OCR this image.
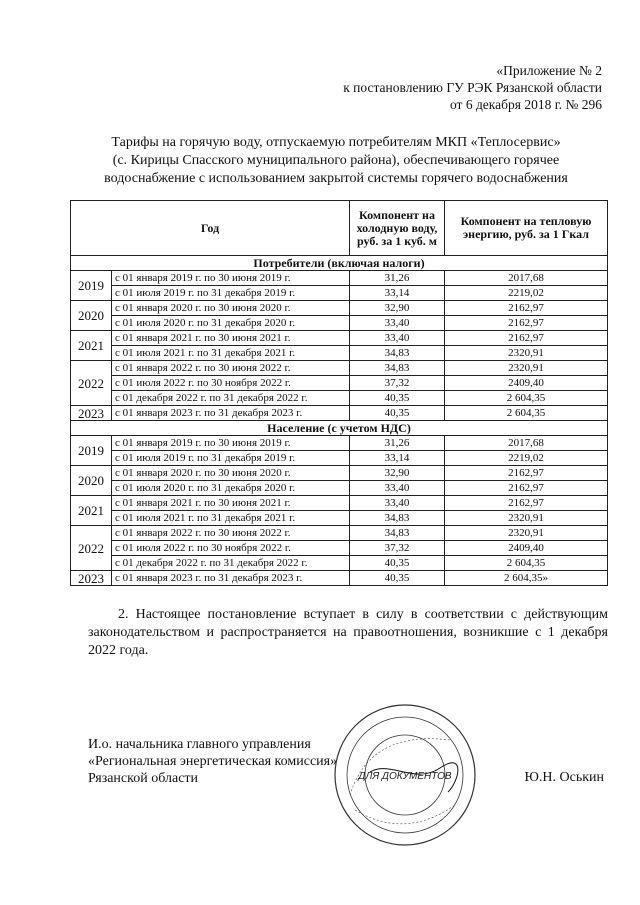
«Приложение № 2
к постановлению ГУ РЭК Рязанской области
от 6 декабря 2018 г. № 296
Тарифы на горячую воду, отпускаемую потребителям МКП «Теплосервис»
(с. Кирицы Спасского муниципального района), обеспечивающего горячее
водоснабжение с использованием закрытой системы горячего водоснабжения
Год		Компонент на холодную воду, руб. за 1 куб. м	Компонент на тепловую энергию, руб. за 1 Гкал
Потребители (включая налоги)			
2019	с 01 января 2019 г. по 30 июня 2019 г.	31,26	2017,68
	с 01 июля 2019 г. по 31 декабря 2019 г.	33,14	2219,02
2020	с 01 января 2020 г. по 30 июня 2020 г.	32,90	2162,97
	с 01 июля 2020 г. по 31 декабря 2020 г.	33,40	2162,97
2021	с 01 января 2021 г. по 30 июня 2021 г.	33,40	2162,97
	с 01 июля 2021 г. по 31 декабря 2021 г.	34,83	2320,91
2022	с 01 января 2022 г. по 30 июня 2022 г.	34,83	2320,91
	с 01 июля 2022 г. по 30 ноября 2022 г.	37,32	2409,40
	с 01 декабря 2022 г. по 31 декабря 2022 г.	40,35	2 604,35
2023	с 01 января 2023 г. по 31 декабря 2023 г.	40,35	2 604,35
Население (с учетом НДС)			
2019	с 01 января 2019 г. по 30 июня 2019 г.	31,26	2017,68
	с 01 июля 2019 г. по 31 декабря 2019 г.	33,14	2219,02
2020	с 01 января 2020 г. по 30 июня 2020 г.	32,90	2162,97
	с 01 июля 2020 г. по 31 декабря 2020 г.	33,40	2162,97
2021	с 01 января 2021 г. по 30 июня 2021 г.	33,40	2162,97
	с 01 июля 2021 г. по 31 декабря 2021 г.	34,83	2320,91
2022	с 01 января 2022 г. по 30 июня 2022 г.	34,83	2320,91
	с 01 июля 2022 г. по 30 ноября 2022 г.	37,32	2409,40
	с 01 декабря 2022 г. по 31 декабря 2022 г.	40,35	2 604,35
2023	с 01 января 2023 г. по 31 декабря 2023 г.	40,35	2 604,35»
2. Настоящее постановление вступает в силу в соответствии с действующим законодательством и распространяется на правоотношения, возникшие с 1 декабря 2022 года.
И.о. начальника главного управления
«Региональная энергетическая комиссия»
Рязанской области	Ю.Н. Оськин
ДЛЯ ДОКУМЕНТОВ
